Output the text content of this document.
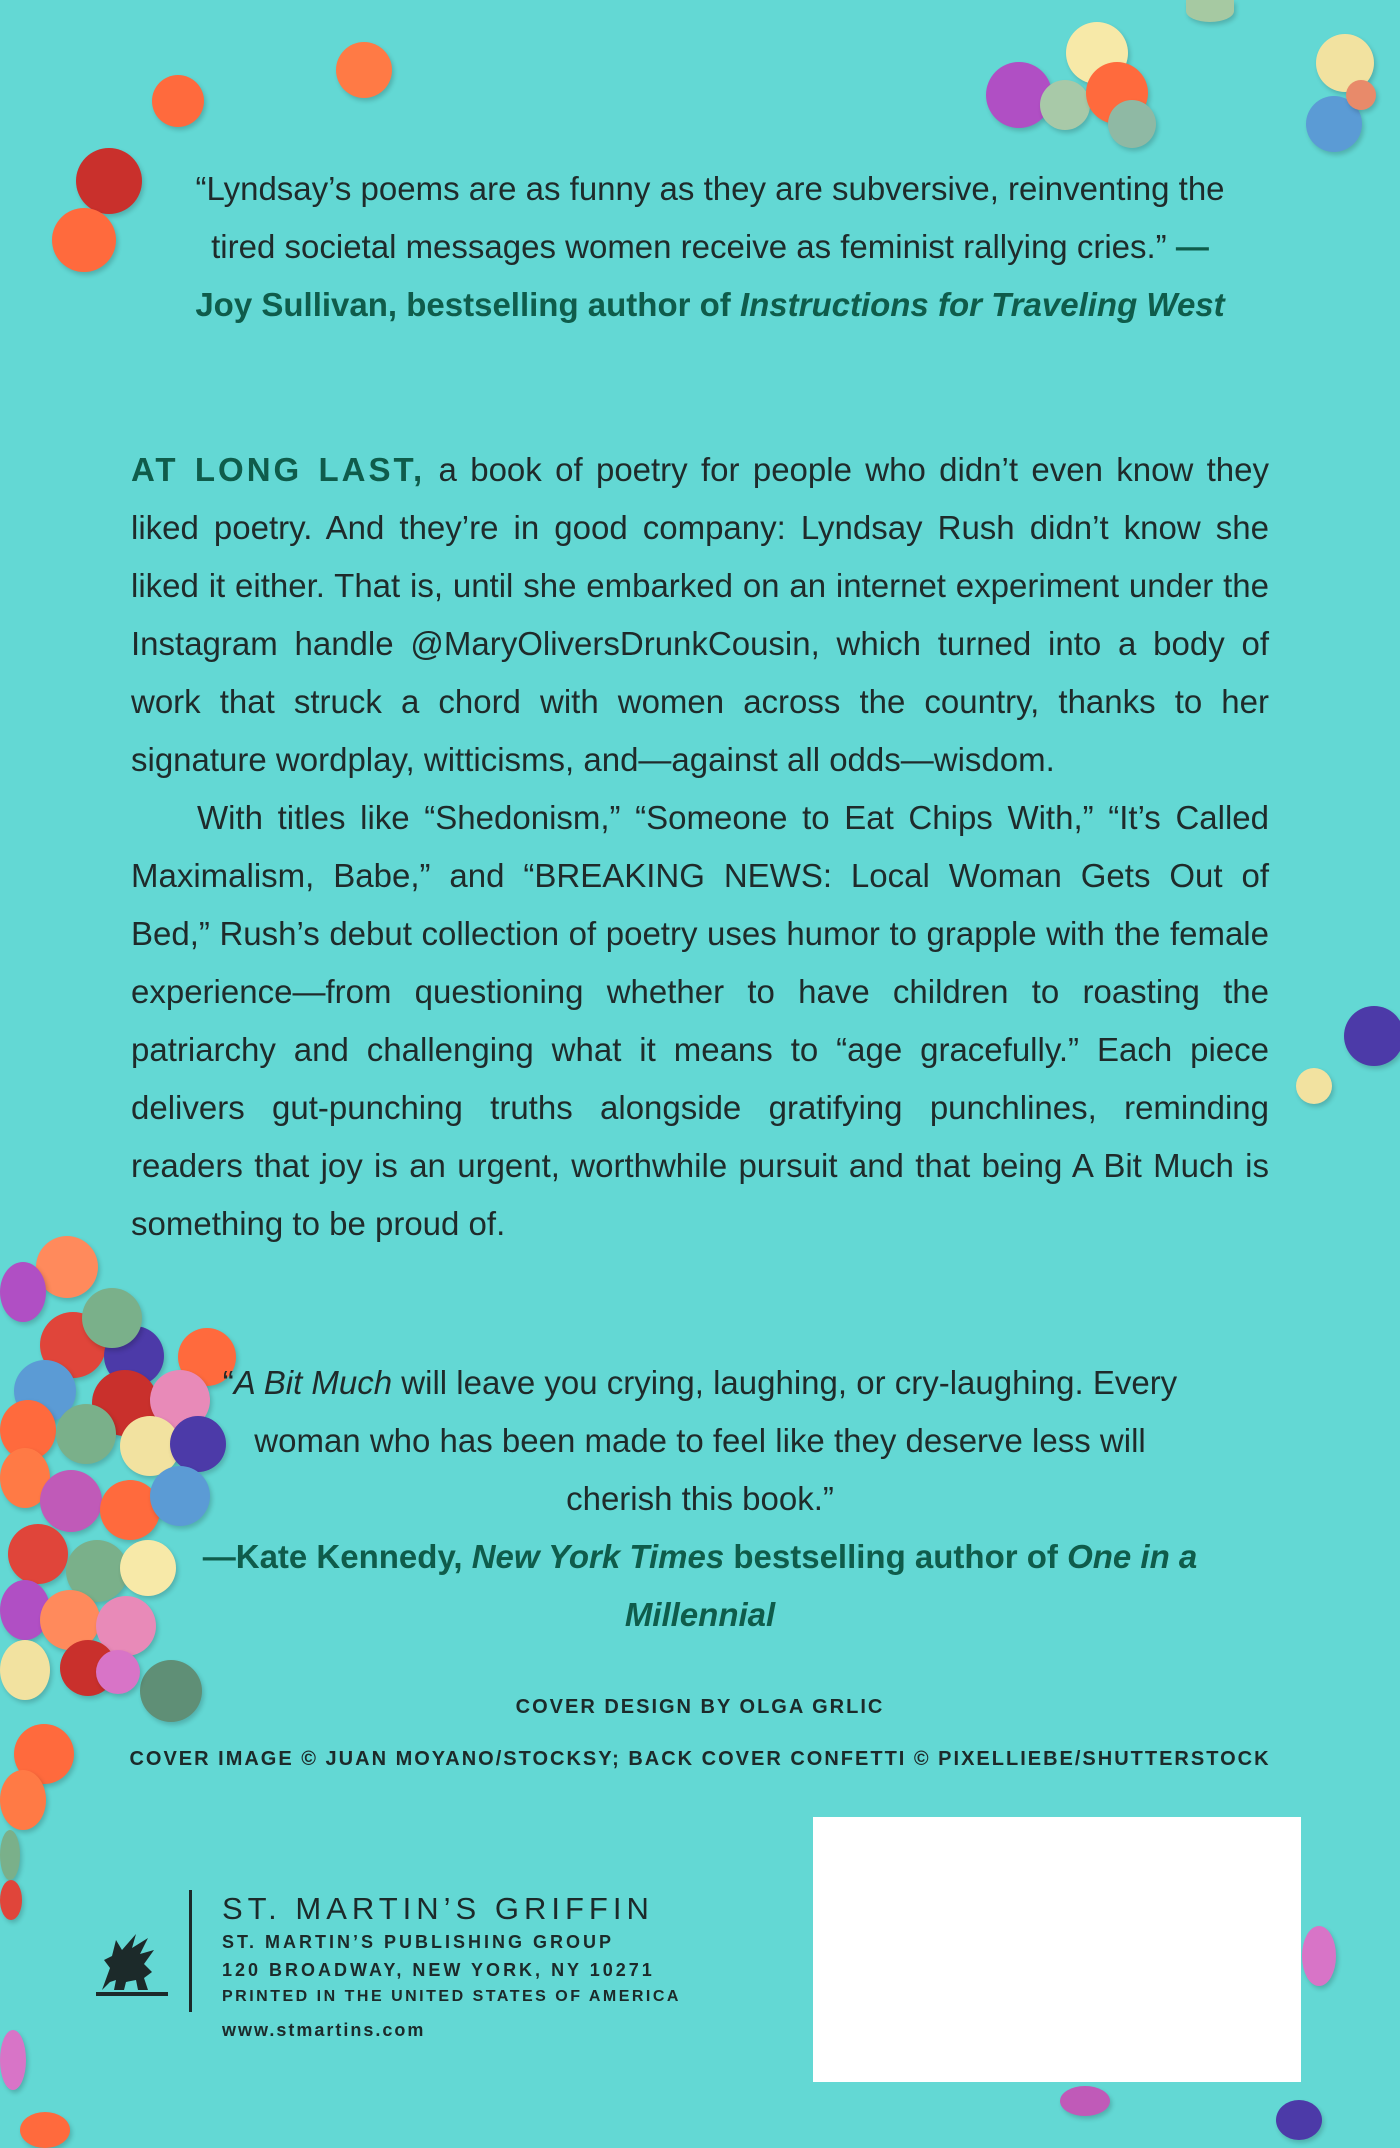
“Lyndsay’s poems are as funny as they are subversive, reinventing the tired societal messages women receive as feminist rallying cries.” —Joy Sullivan, bestselling author of Instructions for Traveling West

AT LONG LAST, a book of poetry for people who didn’t even know they liked poetry. And they’re in good company: Lyndsay Rush didn’t know she liked it either. That is, until she embarked on an internet experiment under the Instagram handle @MaryOliversDrunkCousin, which turned into a body of work that struck a chord with women across the country, thanks to her signature wordplay, witticisms, and—against all odds—wisdom.

With titles like “Shedonism,” “Someone to Eat Chips With,” “It’s Called Maximalism, Babe,” and “BREAKING NEWS: Local Woman Gets Out of Bed,” Rush’s debut collection of poetry uses humor to grapple with the female experience—from questioning whether to have children to roasting the patriarchy and challenging what it means to “age gracefully.” Each piece delivers gut-punching truths alongside gratifying punchlines, reminding readers that joy is an urgent, worthwhile pursuit and that being A Bit Much is something to be proud of.

“A Bit Much will leave you crying, laughing, or cry-laughing. Every woman who has been made to feel like they deserve less will cherish this book.”
—Kate Kennedy, New York Times bestselling author of One in a Millennial
COVER DESIGN BY OLGA GRLIC
COVER IMAGE © JUAN MOYANO/STOCKSY; BACK COVER CONFETTI © PIXELLIEBE/SHUTTERSTOCK
ST. MARTIN’S GRIFFIN
ST. MARTIN’S PUBLISHING GROUP
120 BROADWAY, NEW YORK, NY 10271
PRINTED IN THE UNITED STATES OF AMERICA
www.stmartins.com
